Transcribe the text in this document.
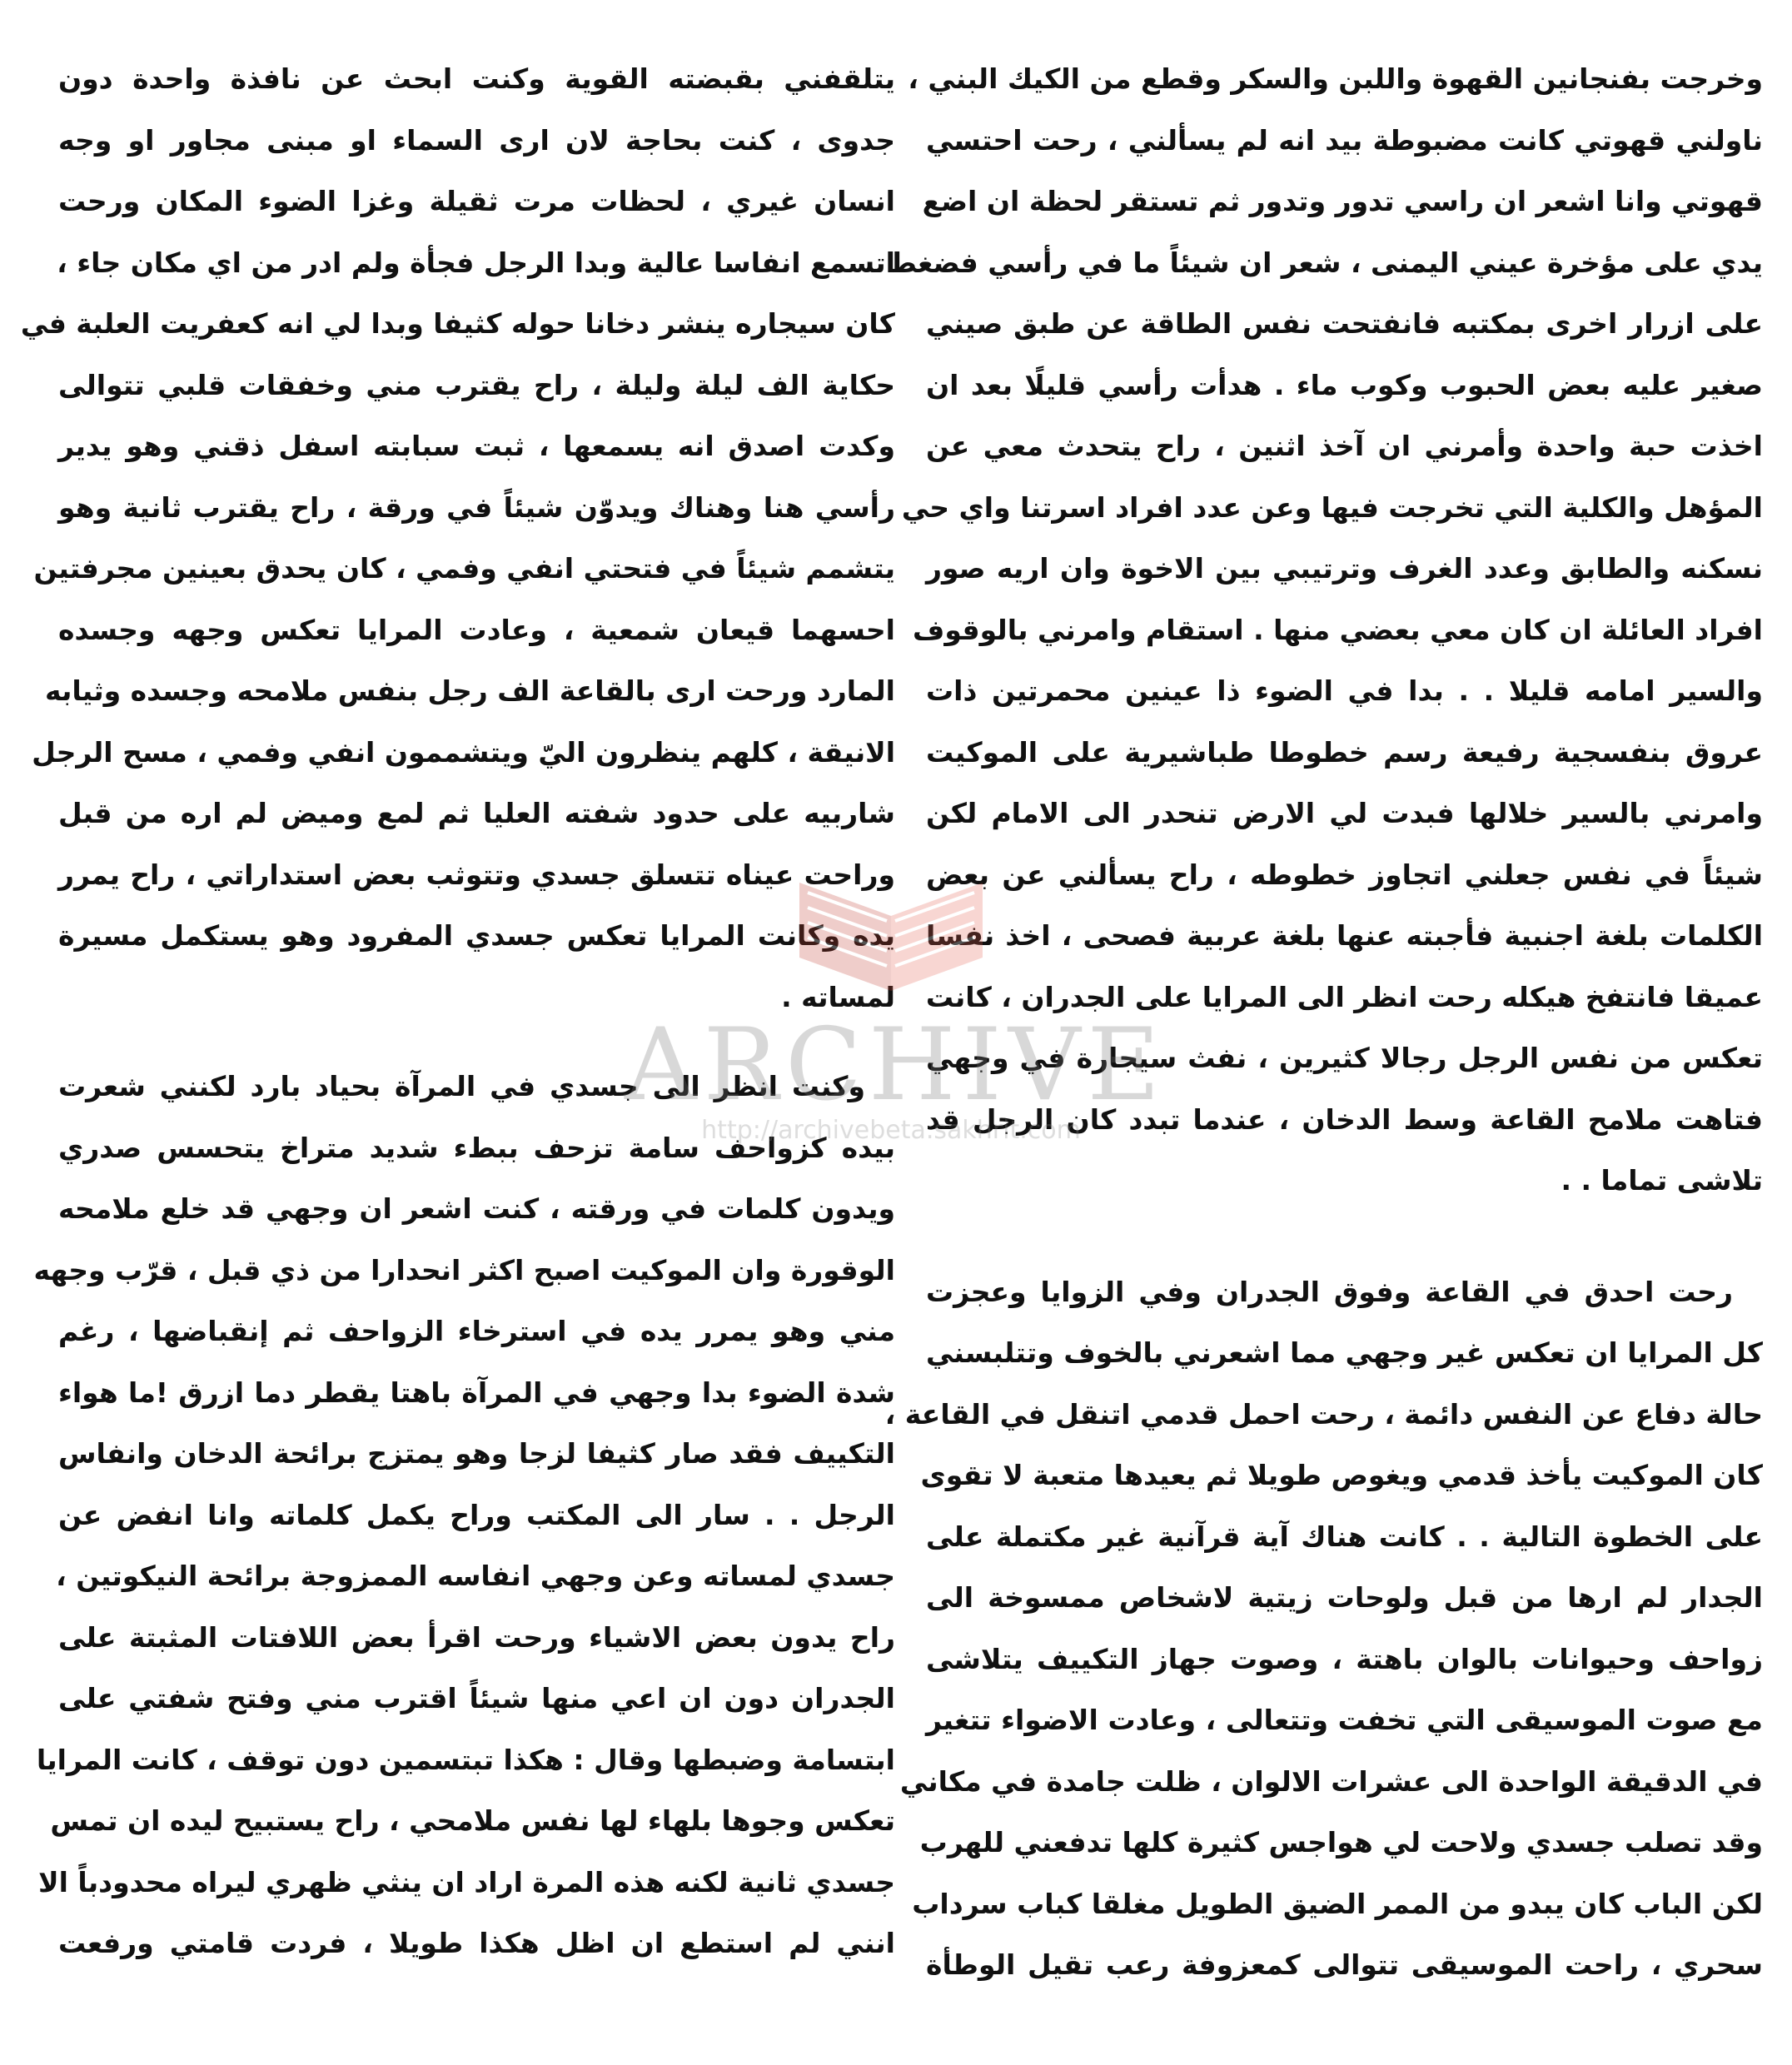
وخرجت بفنجانين القهوة واللبن والسكر وقطع من الكيك البني ،
ناولني قهوتي كانت مضبوطة بيد انه لم يسألني ، رحت احتسي
قهوتي وانا اشعر ان راسي تدور وتدور ثم تستقر لحظة ان اضع
يدي على مؤخرة عيني اليمنى ، شعر ان شيئاً ما في رأسي فضغط
على ازرار اخرى بمكتبه فانفتحت نفس الطاقة عن طبق صيني
صغير عليه بعض الحبوب وكوب ماء . هدأت رأسي قليلًا بعد ان
اخذت حبة واحدة وأمرني ان آخذ اثنين ، راح يتحدث معي عن
المؤهل والكلية التي تخرجت فيها وعن عدد افراد اسرتنا واي حي
نسكنه والطابق وعدد الغرف وترتيبي بين الاخوة وان اريه صور
افراد العائلة ان كان معي بعضي منها . استقام وامرني بالوقوف
والسير امامه قليلا . . بدا في الضوء ذا عينين محمرتين ذات
عروق بنفسجية رفيعة رسم خطوطا طباشيرية على الموكيت
وامرني بالسير خلالها فبدت لي الارض تنحدر الى الامام لكن
شيئاً في نفس جعلني اتجاوز خطوطه ، راح يسألني عن بعض
الكلمات بلغة اجنبية فأجبته عنها بلغة عربية فصحى ، اخذ نفسا
عميقا فانتفخ هيكله رحت انظر الى المرايا على الجدران ، كانت
تعكس من نفس الرجل رجالا كثيرين ، نفث سيجارة في وجهي
فتاهت ملامح القاعة وسط الدخان ، عندما تبدد كان الرجل قد
تلاشى تماما . .
رحت احدق في القاعة وفوق الجدران وفي الزوايا وعجزت
كل المرايا ان تعكس غير وجهي مما اشعرني بالخوف وتتلبسني
حالة دفاع عن النفس دائمة ، رحت احمل قدمي اتنقل في القاعة ،
كان الموكيت يأخذ قدمي ويغوص طويلا ثم يعيدها متعبة لا تقوى
على الخطوة التالية . . كانت هناك آية قرآنية غير مكتملة على
الجدار لم ارها من قبل ولوحات زيتية لاشخاص ممسوخة الى
زواحف وحيوانات بالوان باهتة ، وصوت جهاز التكييف يتلاشى
مع صوت الموسيقى التي تخفت وتتعالى ، وعادت الاضواء تتغير
في الدقيقة الواحدة الى عشرات الالوان ، ظلت جامدة في مكاني
وقد تصلب جسدي ولاحت لي هواجس كثيرة كلها تدفعني للهرب
لكن الباب كان يبدو من الممر الضيق الطويل مغلقا كباب سرداب
سحري ، راحت الموسيقى تتوالى كمعزوفة رعب تقيل الوطأة
يتلقفني بقبضته القوية وكنت ابحث عن نافذة واحدة دون
جدوى ، كنت بحاجة لان ارى السماء او مبنى مجاور او وجه
انسان غيري ، لحظات مرت ثقيلة وغزا الضوء المكان ورحت
اتسمع انفاسا عالية وبدا الرجل فجأة ولم ادر من اي مكان جاء ،
كان سيجاره ينشر دخانا حوله كثيفا وبدا لي انه كعفريت العلبة في
حكاية الف ليلة وليلة ، راح يقترب مني وخفقات قلبي تتوالى
وكدت اصدق انه يسمعها ، ثبت سبابته اسفل ذقني وهو يدير
رأسي هنا وهناك ويدوّن شيئاً في ورقة ، راح يقترب ثانية وهو
يتشمم شيئاً في فتحتي انفي وفمي ، كان يحدق بعينين مجرفتين
احسهما قيعان شمعية ، وعادت المرايا تعكس وجهه وجسده
المارد ورحت ارى بالقاعة الف رجل بنفس ملامحه وجسده وثيابه
الانيقة ، كلهم ينظرون اليّ ويتشممون انفي وفمي ، مسح الرجل
شاربيه على حدود شفته العليا ثم لمع وميض لم اره من قبل
وراحت عيناه تتسلق جسدي وتتوثب بعض استداراتي ، راح يمرر
يده وكانت المرايا تعكس جسدي المفرود وهو يستكمل مسيرة
لمساته .
وكنت انظر الى جسدي في المرآة بحياد بارد لكنني شعرت
بيده كزواحف سامة تزحف ببطء شديد متراخ يتحسس صدري
ويدون كلمات في ورقته ، كنت اشعر ان وجهي قد خلع ملامحه
الوقورة وان الموكيت اصبح اكثر انحدارا من ذي قبل ، قرّب وجهه
مني وهو يمرر يده في استرخاء الزواحف ثم إنقباضها ، رغم
شدة الضوء بدا وجهي في المرآة باهتا يقطر دما ازرق !ما هواء
التكييف فقد صار كثيفا لزجا وهو يمتزج برائحة الدخان وانفاس
الرجل . . سار الى المكتب وراح يكمل كلماته وانا انفض عن
جسدي لمساته وعن وجهي انفاسه الممزوجة برائحة النيكوتين ،
راح يدون بعض الاشياء ورحت اقرأ بعض اللافتات المثبتة على
الجدران دون ان اعي منها شيئاً اقترب مني وفتح شفتي على
ابتسامة وضبطها وقال : هكذا تبتسمين دون توقف ، كانت المرايا
تعكس وجوها بلهاء لها نفس ملامحي ، راح يستبيح ليده ان تمس
جسدي ثانية لكنه هذه المرة اراد ان ينثي ظهري ليراه محدودباً الا
انني لم استطع ان اظل هكذا طويلا ، فردت قامتي ورفعت
ARCHIVE
http://archivebeta.sakhrit.com
